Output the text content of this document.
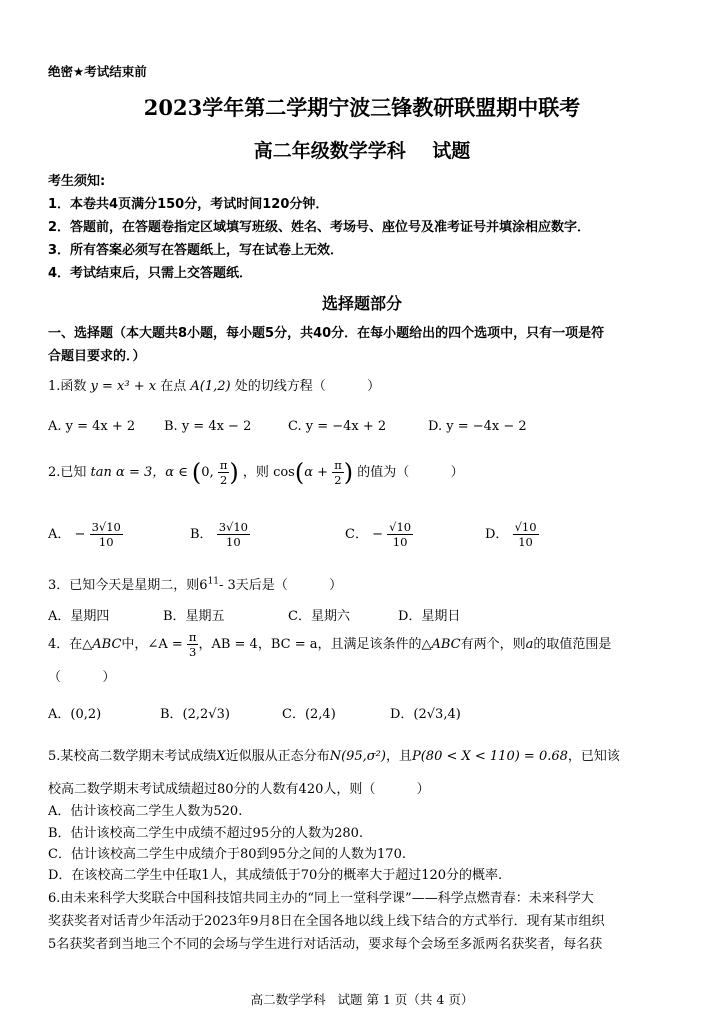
绝密★考试结束前
2023学年第二学期宁波三锋教研联盟期中联考
高二年级数学学科    试题
考生须知:
1．本卷共4页满分150分，考试时间120分钟．
2．答题前，在答题卷指定区域填写班级、姓名、考场号、座位号及准考证号并填涂相应数字．
3．所有答案必须写在答题纸上，写在试卷上无效．
4．考试结束后，只需上交答题纸．
选择题部分
一、选择题（本大题共8小题，每小题5分，共40分．在每小题给出的四个选项中，只有一项是符
合题目要求的．）
1.函数 y = x³ + x 在点 A(1,2) 处的切线方程（          ）
A. y = 4x + 2 B. y = 4x − 2	C. y = −4x + 2	D. y = −4x − 2
2.已知 tan α = 3，α ∈ (0, $\frac{\pi}{2}$ ) ，则 $\cos(\alpha + \frac{\pi}{2}$ ) 的值为（          ）
A． − $\frac{3√10}{10}$	B． $\frac{3√10}{10}$	C． − $\frac{√10}{10}$	D． $\frac{√10}{10}$
3．已知今天是星期二，则$6^{11}-$ 3天后是（          ）
A．星期四	B．星期五	C．星期六	D．星期日
4．在△ABC中，∠A = $\frac{\pi}{3}$ ，AB = 4，BC = a，且满足该条件的△ABC有两个，则a的取值范围是
（          ）
A．(0,2)	B．(2,2√3)	C．(2,4)	D．(2√3,4)
5.某校高二数学期末考试成绩X近似服从正态分布N(95,σ²)，且P(80 < X < 110) = 0.68，已知该
校高二数学期末考试成绩超过80分的人数有420人，则（          ）
A．估计该校高二学生人数为520.
B．估计该校高二学生中成绩不超过95分的人数为280.
C．估计该校高二学生中成绩介于80到95分之间的人数为170.
D．在该校高二学生中任取1人，其成绩低于70分的概率大于超过120分的概率.
6.由未来科学大奖联合中国科技馆共同主办的“同上一堂科学课”——科学点燃青春：未来科学大
奖获奖者对话青少年活动于2023年9月8日在全国各地以线上线下结合的方式举行．现有某市组织
5名获奖者到当地三个不同的会场与学生进行对话活动，要求每个会场至多派两名获奖者，每名获
高二数学学科   试题 第 1 页（共 4 页）
